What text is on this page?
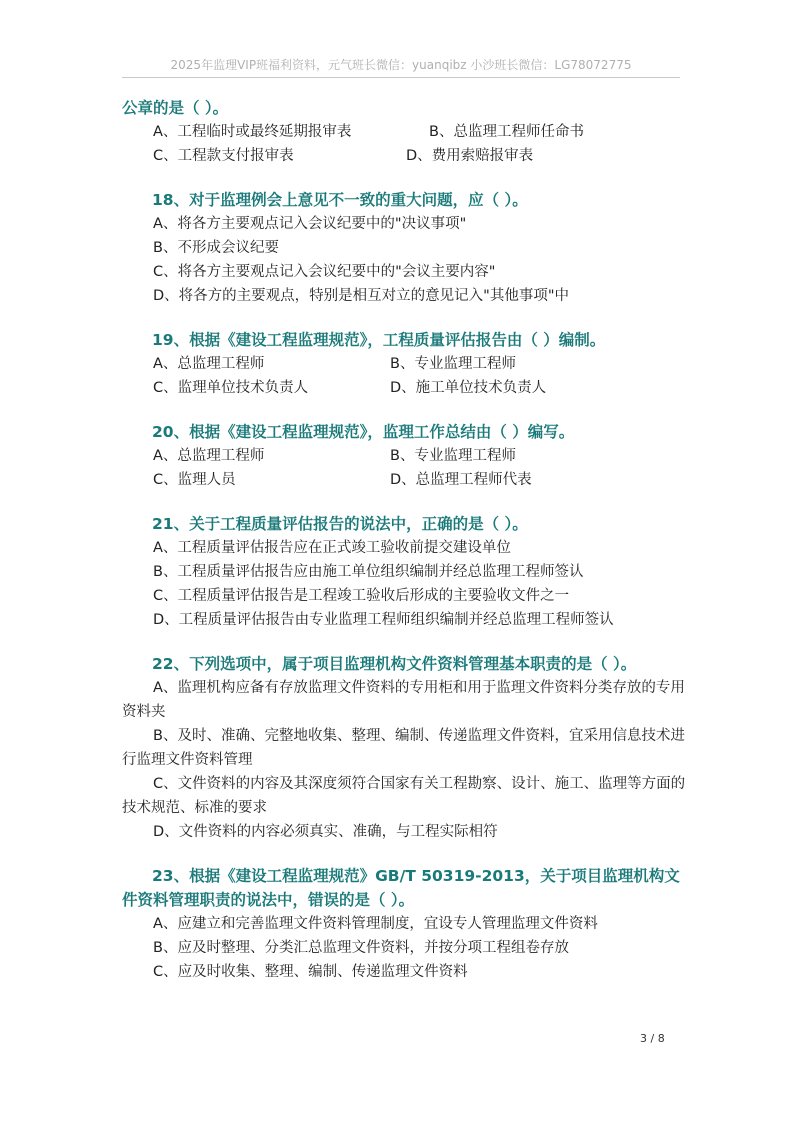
2025年监理VIP班福利资料，元气班长微信：yuanqibz 小沙班长微信：LG78072775

公章的是（ ）。

A、工程临时或最终延期报审表	B、总监理工程师任命书
C、工程款支付报审表	D、费用索赔报审表

18、对于监理例会上意见不一致的重大问题，应（ ）。

A、将各方主要观点记入会议纪要中的"决议事项"
B、不形成会议纪要
C、将各方主要观点记入会议纪要中的"会议主要内容"
D、将各方的主要观点，特别是相互对立的意见记入"其他事项"中

19、根据《建设工程监理规范》，工程质量评估报告由（ ）编制。

A、总监理工程师	B、专业监理工程师
C、监理单位技术负责人	D、施工单位技术负责人

20、根据《建设工程监理规范》，监理工作总结由（ ）编写。

A、总监理工程师	B、专业监理工程师
C、监理人员	D、总监理工程师代表

21、关于工程质量评估报告的说法中，正确的是（ ）。

A、工程质量评估报告应在正式竣工验收前提交建设单位
B、工程质量评估报告应由施工单位组织编制并经总监理工程师签认
C、工程质量评估报告是工程竣工验收后形成的主要验收文件之一
D、工程质量评估报告由专业监理工程师组织编制并经总监理工程师签认

22、下列选项中，属于项目监理机构文件资料管理基本职责的是（ ）。

A、监理机构应备有存放监理文件资料的专用柜和用于监理文件资料分类存放的专用资料夹

B、及时、准确、完整地收集、整理、编制、传递监理文件资料，宜采用信息技术进行监理文件资料管理

C、文件资料的内容及其深度须符合国家有关工程勘察、设计、施工、监理等方面的技术规范、标准的要求

D、文件资料的内容必须真实、准确，与工程实际相符

23、根据《建设工程监理规范》GB/T 50319-2013，关于项目监理机构文件资料管理职责的说法中，错误的是（ ）。

A、应建立和完善监理文件资料管理制度，宜设专人管理监理文件资料
B、应及时整理、分类汇总监理文件资料，并按分项工程组卷存放
C、应及时收集、整理、编制、传递监理文件资料
3 / 8
